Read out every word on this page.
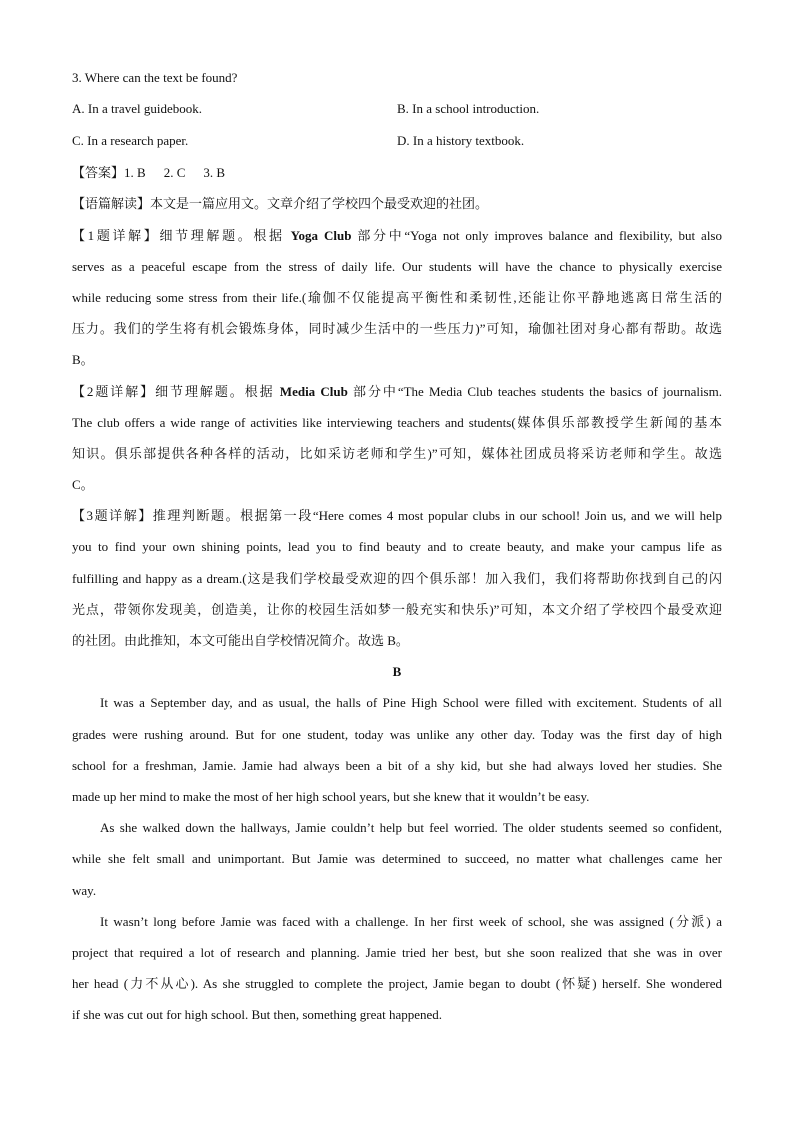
3. Where can the text be found?
A. In a travel guidebook.	B. In a school introduction.
C. In a research paper.	D. In a history textbook.
【答案】1. B 2. C 3. B
【语篇解读】本文是一篇应用文。文章介绍了学校四个最受欢迎的社团。
【1题详解】细节理解题。根据 Yoga Club 部分中“Yoga not only improves balance and flexibility, but also
serves as a peaceful escape from the stress of daily life. Our students will have the chance to physically exercise
while reducing some stress from their life.(瑜伽不仅能提高平衡性和柔韧性,还能让你平静地逃离日常生活的
压力。我们的学生将有机会锻炼身体，同时减少生活中的一些压力)”可知，瑜伽社团对身心都有帮助。故选
B。
【2题详解】细节理解题。根据 Media Club 部分中“The Media Club teaches students the basics of journalism.
The club offers a wide range of activities like interviewing teachers and students(媒体俱乐部教授学生新闻的基本
知识。俱乐部提供各种各样的活动，比如采访老师和学生)”可知，媒体社团成员将采访老师和学生。故选
C。
【3题详解】推理判断题。根据第一段“Here comes 4 most popular clubs in our school! Join us, and we will help
you to find your own shining points, lead you to find beauty and to create beauty, and make your campus life as
fulfilling and happy as a dream.(这是我们学校最受欢迎的四个俱乐部！加入我们，我们将帮助你找到自己的闪
光点，带领你发现美，创造美，让你的校园生活如梦一般充实和快乐)”可知，本文介绍了学校四个最受欢迎
的社团。由此推知，本文可能出自学校情况简介。故选 B。
B
It was a September day, and as usual, the halls of Pine High School were filled with excitement. Students of all
grades were rushing around. But for one student, today was unlike any other day. Today was the first day of high
school for a freshman, Jamie. Jamie had always been a bit of a shy kid, but she had always loved her studies. She
made up her mind to make the most of her high school years, but she knew that it wouldn’t be easy.
As she walked down the hallways, Jamie couldn’t help but feel worried. The older students seemed so confident,
while she felt small and unimportant. But Jamie was determined to succeed, no matter what challenges came her
way.
It wasn’t long before Jamie was faced with a challenge. In her first week of school, she was assigned (分派) a
project that required a lot of research and planning. Jamie tried her best, but she soon realized that she was in over
her head (力不从心). As she struggled to complete the project, Jamie began to doubt (怀疑) herself. She wondered
if she was cut out for high school. But then, something great happened.
